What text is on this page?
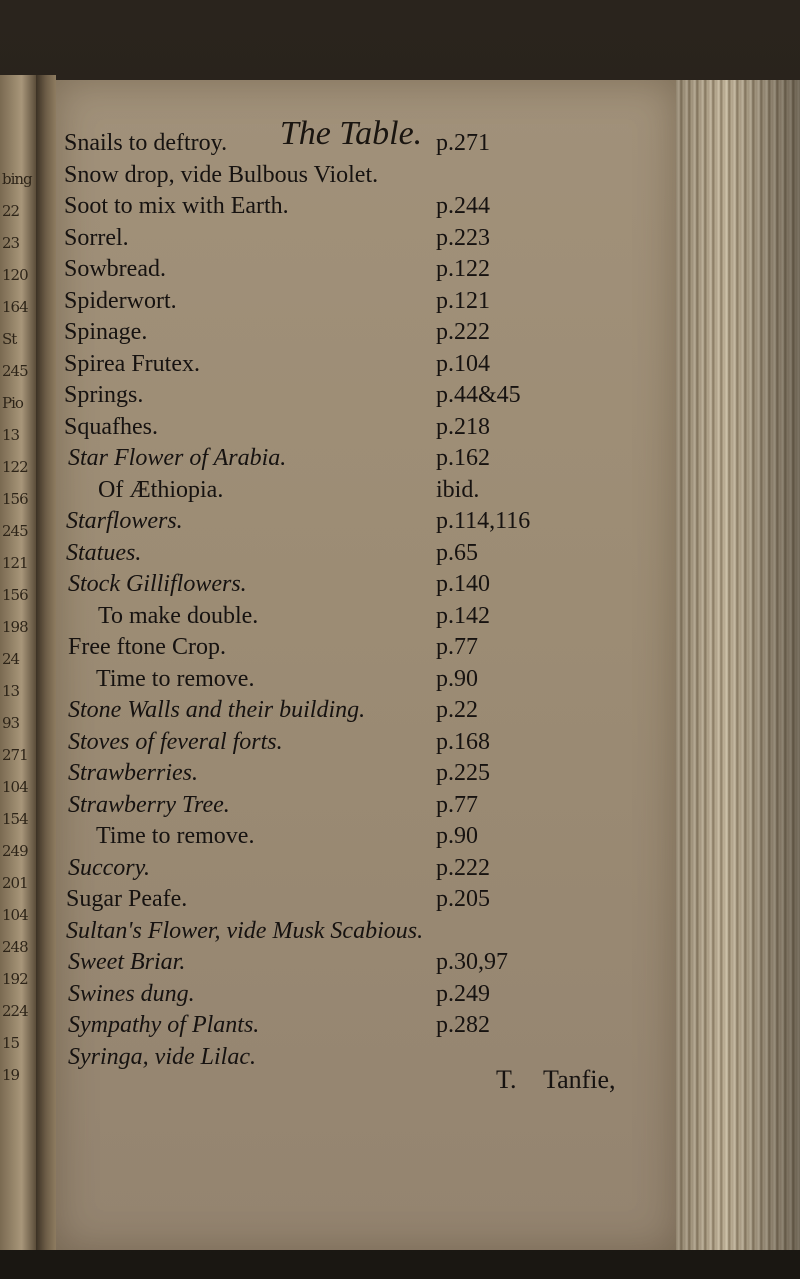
bing
22
23
120
164
St
245
Pio
13
122
156
245
121
156
198
24
13
93
271
104
154
249
201
104
248
192
224
15
19
The Table.
Snails to deftroy.	p.271
Snow drop, vide Bulbous Violet.
Soot to mix with Earth.	p.244
Sorrel.	p.223
Sowbread.	p.122
Spiderwort.	p.121
Spinage.	p.222
Spirea Frutex.	p.104
Springs.	p.44&45
Squafhes.	p.218
Star Flower of Arabia.	p.162
Of Æthiopia.	ibid.
Starflowers.	p.114,116
Statues.	p.65
Stock Gilliflowers.	p.140
To make double.	p.142
Free ftone Crop.	p.77
Time to remove.	p.90
Stone Walls and their building.	p.22
Stoves of feveral forts.	p.168
Strawberries.	p.225
Strawberry Tree.	p.77
Time to remove.	p.90
Succory.	p.222
Sugar Peafe.	p.205
Sultan's Flower, vide Musk Scabious.
Sweet Briar.	p.30,97
Swines dung.	p.249
Sympathy of Plants.	p.282
Syringa, vide Lilac.
T. Tanfie,
